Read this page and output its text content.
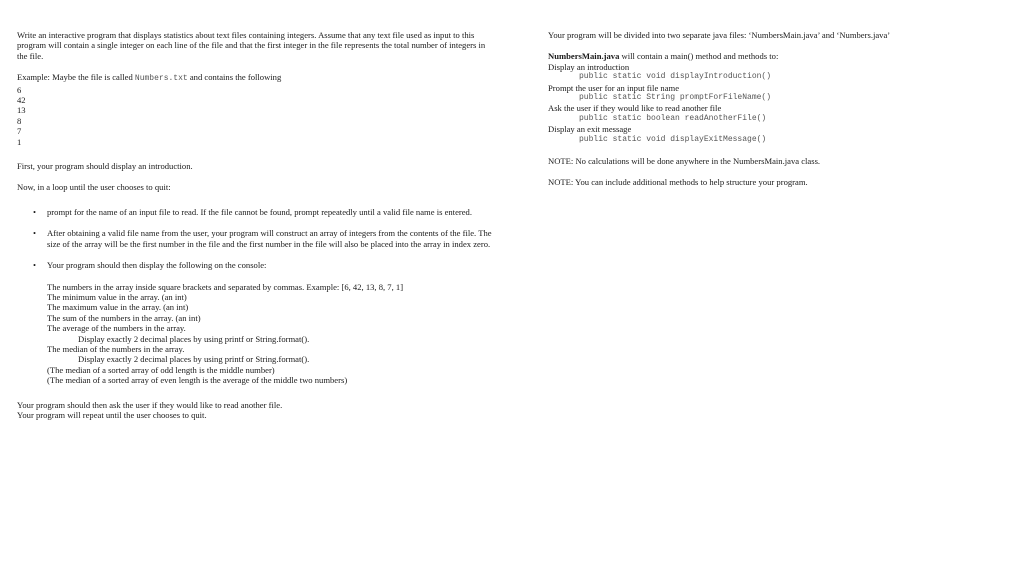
Write an interactive program that displays statistics about text files containing integers. Assume that any text file used as input to this program will contain a single integer on each line of the file and that the first integer in the file represents the total number of integers in the file.

Example: Maybe the file is called Numbers.txt and contains the following

6

42

13

8

7

1

First, your program should display an introduction.

Now, in a loop until the user chooses to quit:

• prompt for the name of an input file to read. If the file cannot be found, prompt repeatedly until a valid file name is entered.

• After obtaining a valid file name from the user, your program will construct an array of integers from the contents of the file. The size of the array will be the first number in the file and the first number in the file will also be placed into the array in index zero.

• Your program should then display the following on the console:

The numbers in the array inside square brackets and separated by commas. Example: [6, 42, 13, 8, 7, 1]

The minimum value in the array. (an int)

The maximum value in the array. (an int)

The sum of the numbers in the array. (an int)

The average of the numbers in the array.

Display exactly 2 decimal places by using printf or String.format().

The median of the numbers in the array.

Display exactly 2 decimal places by using printf or String.format().

(The median of a sorted array of odd length is the middle number)

(The median of a sorted array of even length is the average of the middle two numbers)

Your program should then ask the user if they would like to read another file.

Your program will repeat until the user chooses to quit.

Your program will be divided into two separate java files: ‘NumbersMain.java’ and ‘Numbers.java’

NumbersMain.java will contain a main() method and methods to:

Display an introduction

public static void displayIntroduction()

Prompt the user for an input file name

public static String promptForFileName()

Ask the user if they would like to read another file

public static boolean readAnotherFile()

Display an exit message

public static void displayExitMessage()

NOTE: No calculations will be done anywhere in the NumbersMain.java class.

NOTE: You can include additional methods to help structure your program.
